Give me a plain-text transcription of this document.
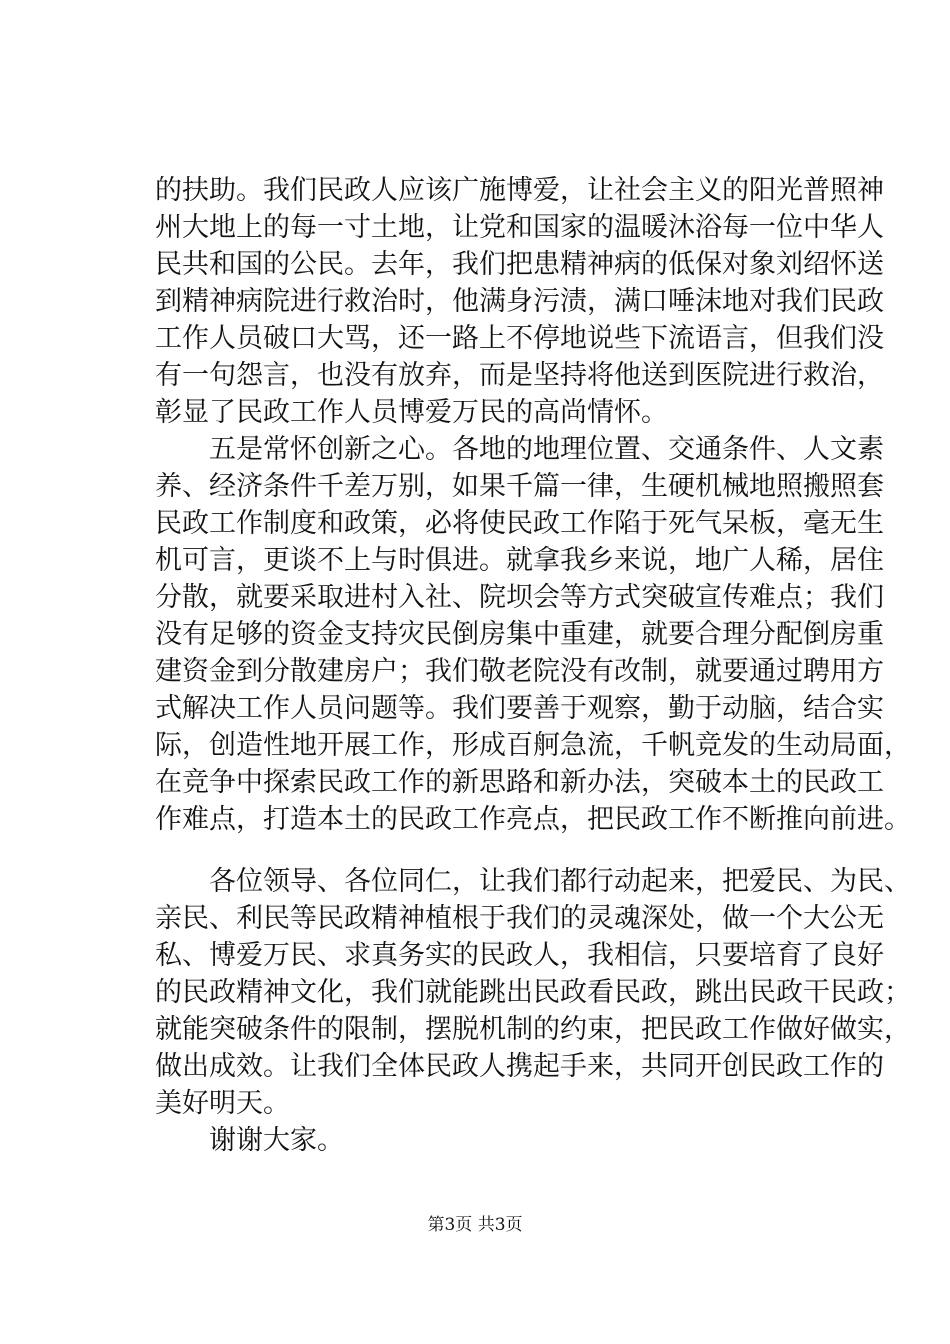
的扶助。我们民政人应该广施博爱，让社会主义的阳光普照神
州大地上的每一寸土地，让党和国家的温暖沐浴每一位中华人
民共和国的公民。去年，我们把患精神病的低保对象刘绍怀送
到精神病院进行救治时，他满身污渍，满口唾沫地对我们民政
工作人员破口大骂，还一路上不停地说些下流语言，但我们没
有一句怨言，也没有放弃，而是坚持将他送到医院进行救治，
彰显了民政工作人员博爱万民的高尚情怀。
　　五是常怀创新之心。各地的地理位置、交通条件、人文素
养、经济条件千差万别，如果千篇一律，生硬机械地照搬照套
民政工作制度和政策，必将使民政工作陷于死气呆板，毫无生
机可言，更谈不上与时俱进。就拿我乡来说，地广人稀，居住
分散，就要采取进村入社、院坝会等方式突破宣传难点；我们
没有足够的资金支持灾民倒房集中重建，就要合理分配倒房重
建资金到分散建房户；我们敬老院没有改制，就要通过聘用方
式解决工作人员问题等。我们要善于观察，勤于动脑，结合实
际，创造性地开展工作，形成百舸急流，千帆竞发的生动局面，
在竞争中探索民政工作的新思路和新办法，突破本土的民政工
作难点，打造本土的民政工作亮点，把民政工作不断推向前进。
　　各位领导、各位同仁，让我们都行动起来，把爱民、为民、
亲民、利民等民政精神植根于我们的灵魂深处，做一个大公无
私、博爱万民、求真务实的民政人，我相信，只要培育了良好
的民政精神文化，我们就能跳出民政看民政，跳出民政干民政；
就能突破条件的限制，摆脱机制的约束，把民政工作做好做实，
做出成效。让我们全体民政人携起手来，共同开创民政工作的
美好明天。
　　谢谢大家。
第3页 共3页
